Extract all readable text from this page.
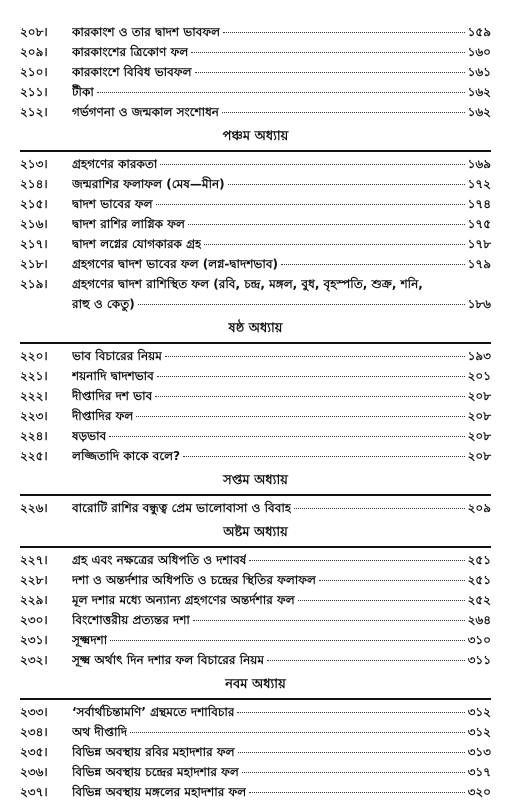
২০৮।	কারকাংশ ও তার দ্বাদশ ভাবফল	১৫৯
২০৯।	কারকাংশের ত্রিকোণ ফল	১৬০
২১০।	কারকাংশে বিবিধ ভাবফল	১৬১
২১১।	টীকা	১৬২
২১২।	গর্ভগণনা ও জন্মকাল সংশোধন	১৬২
পঞ্চম অধ্যায়
২১৩।	গ্রহগণের কারকতা	১৬৯
২১৪।	জন্মরাশির ফলাফল (মেষ—মীন)	১৭২
২১৫।	দ্বাদশ ভাবের ফল	১৭৪
২১৬।	দ্বাদশ রাশির লাগ্নিক ফল	১৭৫
২১৭।	দ্বাদশ লগ্নের যোগকারক গ্রহ	১৭৮
২১৮।	গ্রহগণের দ্বাদশ ভাবের ফল (লগ্ন-দ্বাদশভাব)	১৭৯
২১৯।	গ্রহগণের দ্বাদশ রাশিস্থিত ফল (রবি, চন্দ্র, মঙ্গল, বুধ, বৃহস্পতি, শুক্র, শনি,
রাহু ও কেতু)	১৮৬
ষষ্ঠ অধ্যায়
২২০।	ভাব বিচারের নিয়ম	১৯৩
২২১।	শয়নাদি দ্বাদশভাব	২০১
২২২।	দীপ্তাদির দশ ভাব	২০৮
২২৩।	দীপ্তাদির ফল	২০৮
২২৪।	ষড়ভাব	২০৮
২২৫।	লজ্জিতাদি কাকে বলে?	২০৮
সপ্তম অধ্যায়
২২৬।	বারোটি রাশির বন্ধুত্ব প্রেম ভালোবাসা ও বিবাহ	২০৯
অষ্টম অধ্যায়
২২৭।	গ্রহ এবং নক্ষত্রের অধিপতি ও দশাবর্ষ	২৫১
২২৮।	দশা ও অন্তর্দশার অধিপতি ও চন্দ্রের স্থিতির ফলাফল	২৫১
২২৯।	মূল দশার মধ্যে অন্যান্য গ্রহগণের অন্তর্দশার ফল	২৫২
২৩০।	বিংশোত্তরীয় প্রত্যন্তর দশা	২৬৪
২৩১।	সূক্ষ্মদশা	৩১০
২৩২।	সূক্ষ্ম অর্থাৎ দিন দশার ফল বিচারের নিয়ম	৩১১
নবম অধ্যায়
২৩৩।	‘সর্বার্থচিন্তামণি’ গ্রন্থমতে দশাবিচার	৩১২
২৩৪।	অথ দীপ্তাদি	৩১২
২৩৫।	বিভিন্ন অবস্থায় রবির মহাদশার ফল	৩১৩
২৩৬।	বিভিন্ন অবস্থায় চন্দ্রের মহাদশার ফল	৩১৭
২৩৭।	বিভিন্ন অবস্থায় মঙ্গলের মহাদশার ফল	৩২০
